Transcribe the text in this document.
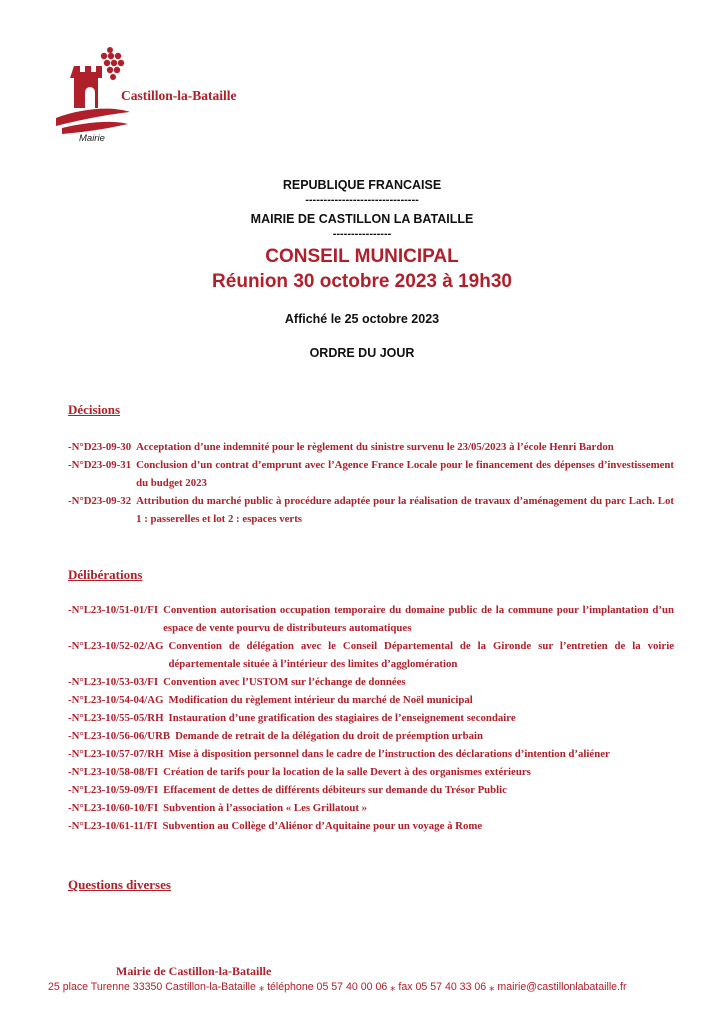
Castillon-la-Bataille
Mairie
REPUBLIQUE FRANCAISE
-------------------------------
MAIRIE DE CASTILLON LA BATAILLE
----------------
CONSEIL MUNICIPAL
Réunion 30 octobre 2023 à 19h30
Affiché le 25 octobre 2023
ORDRE DU JOUR
Décisions
-N°D23-09-30 Acceptation d’une indemnité pour le règlement du sinistre survenu le 23/05/2023 à l’école Henri Bardon
-N°D23-09-31 Conclusion d’un contrat d’emprunt avec l’Agence France Locale pour le financement des dépenses d’investissement du budget 2023
-N°D23-09-32 Attribution du marché public à procédure adaptée pour la réalisation de travaux d’aménagement du parc Lach. Lot 1 : passerelles et lot 2 : espaces verts
Délibérations
-N°L23-10/51-01/FI Convention autorisation occupation temporaire du domaine public de la commune pour l’implantation d’un espace de vente pourvu de distributeurs automatiques
-N°L23-10/52-02/AG Convention de délégation avec le Conseil Départemental de la Gironde sur l’entretien de la voirie départementale située à l’intérieur des limites d’agglomération
-N°L23-10/53-03/FI Convention avec l’USTOM sur l’échange de données
-N°L23-10/54-04/AG Modification du règlement intérieur du marché de Noël municipal
-N°L23-10/55-05/RH Instauration d’une gratification des stagiaires de l’enseignement secondaire
-N°L23-10/56-06/URB Demande de retrait de la délégation du droit de préemption urbain
-N°L23-10/57-07/RH Mise à disposition personnel dans le cadre de l’instruction des déclarations d’intention d’aliéner
-N°L23-10/58-08/FI Création de tarifs pour la location de la salle Devert à des organismes extérieurs
-N°L23-10/59-09/FI Effacement de dettes de différents débiteurs sur demande du Trésor Public
-N°L23-10/60-10/FI Subvention à l’association « Les Grillatout »
-N°L23-10/61-11/FI Subvention au Collège d’Aliénor d’Aquitaine pour un voyage à Rome
Questions diverses
Mairie de Castillon-la-Bataille
25 place Turenne 33350 Castillon-la-Bataille ⁎ téléphone 05 57 40 00 06 ⁎ fax 05 57 40 33 06 ⁎ mairie@castillonlabataille.fr
